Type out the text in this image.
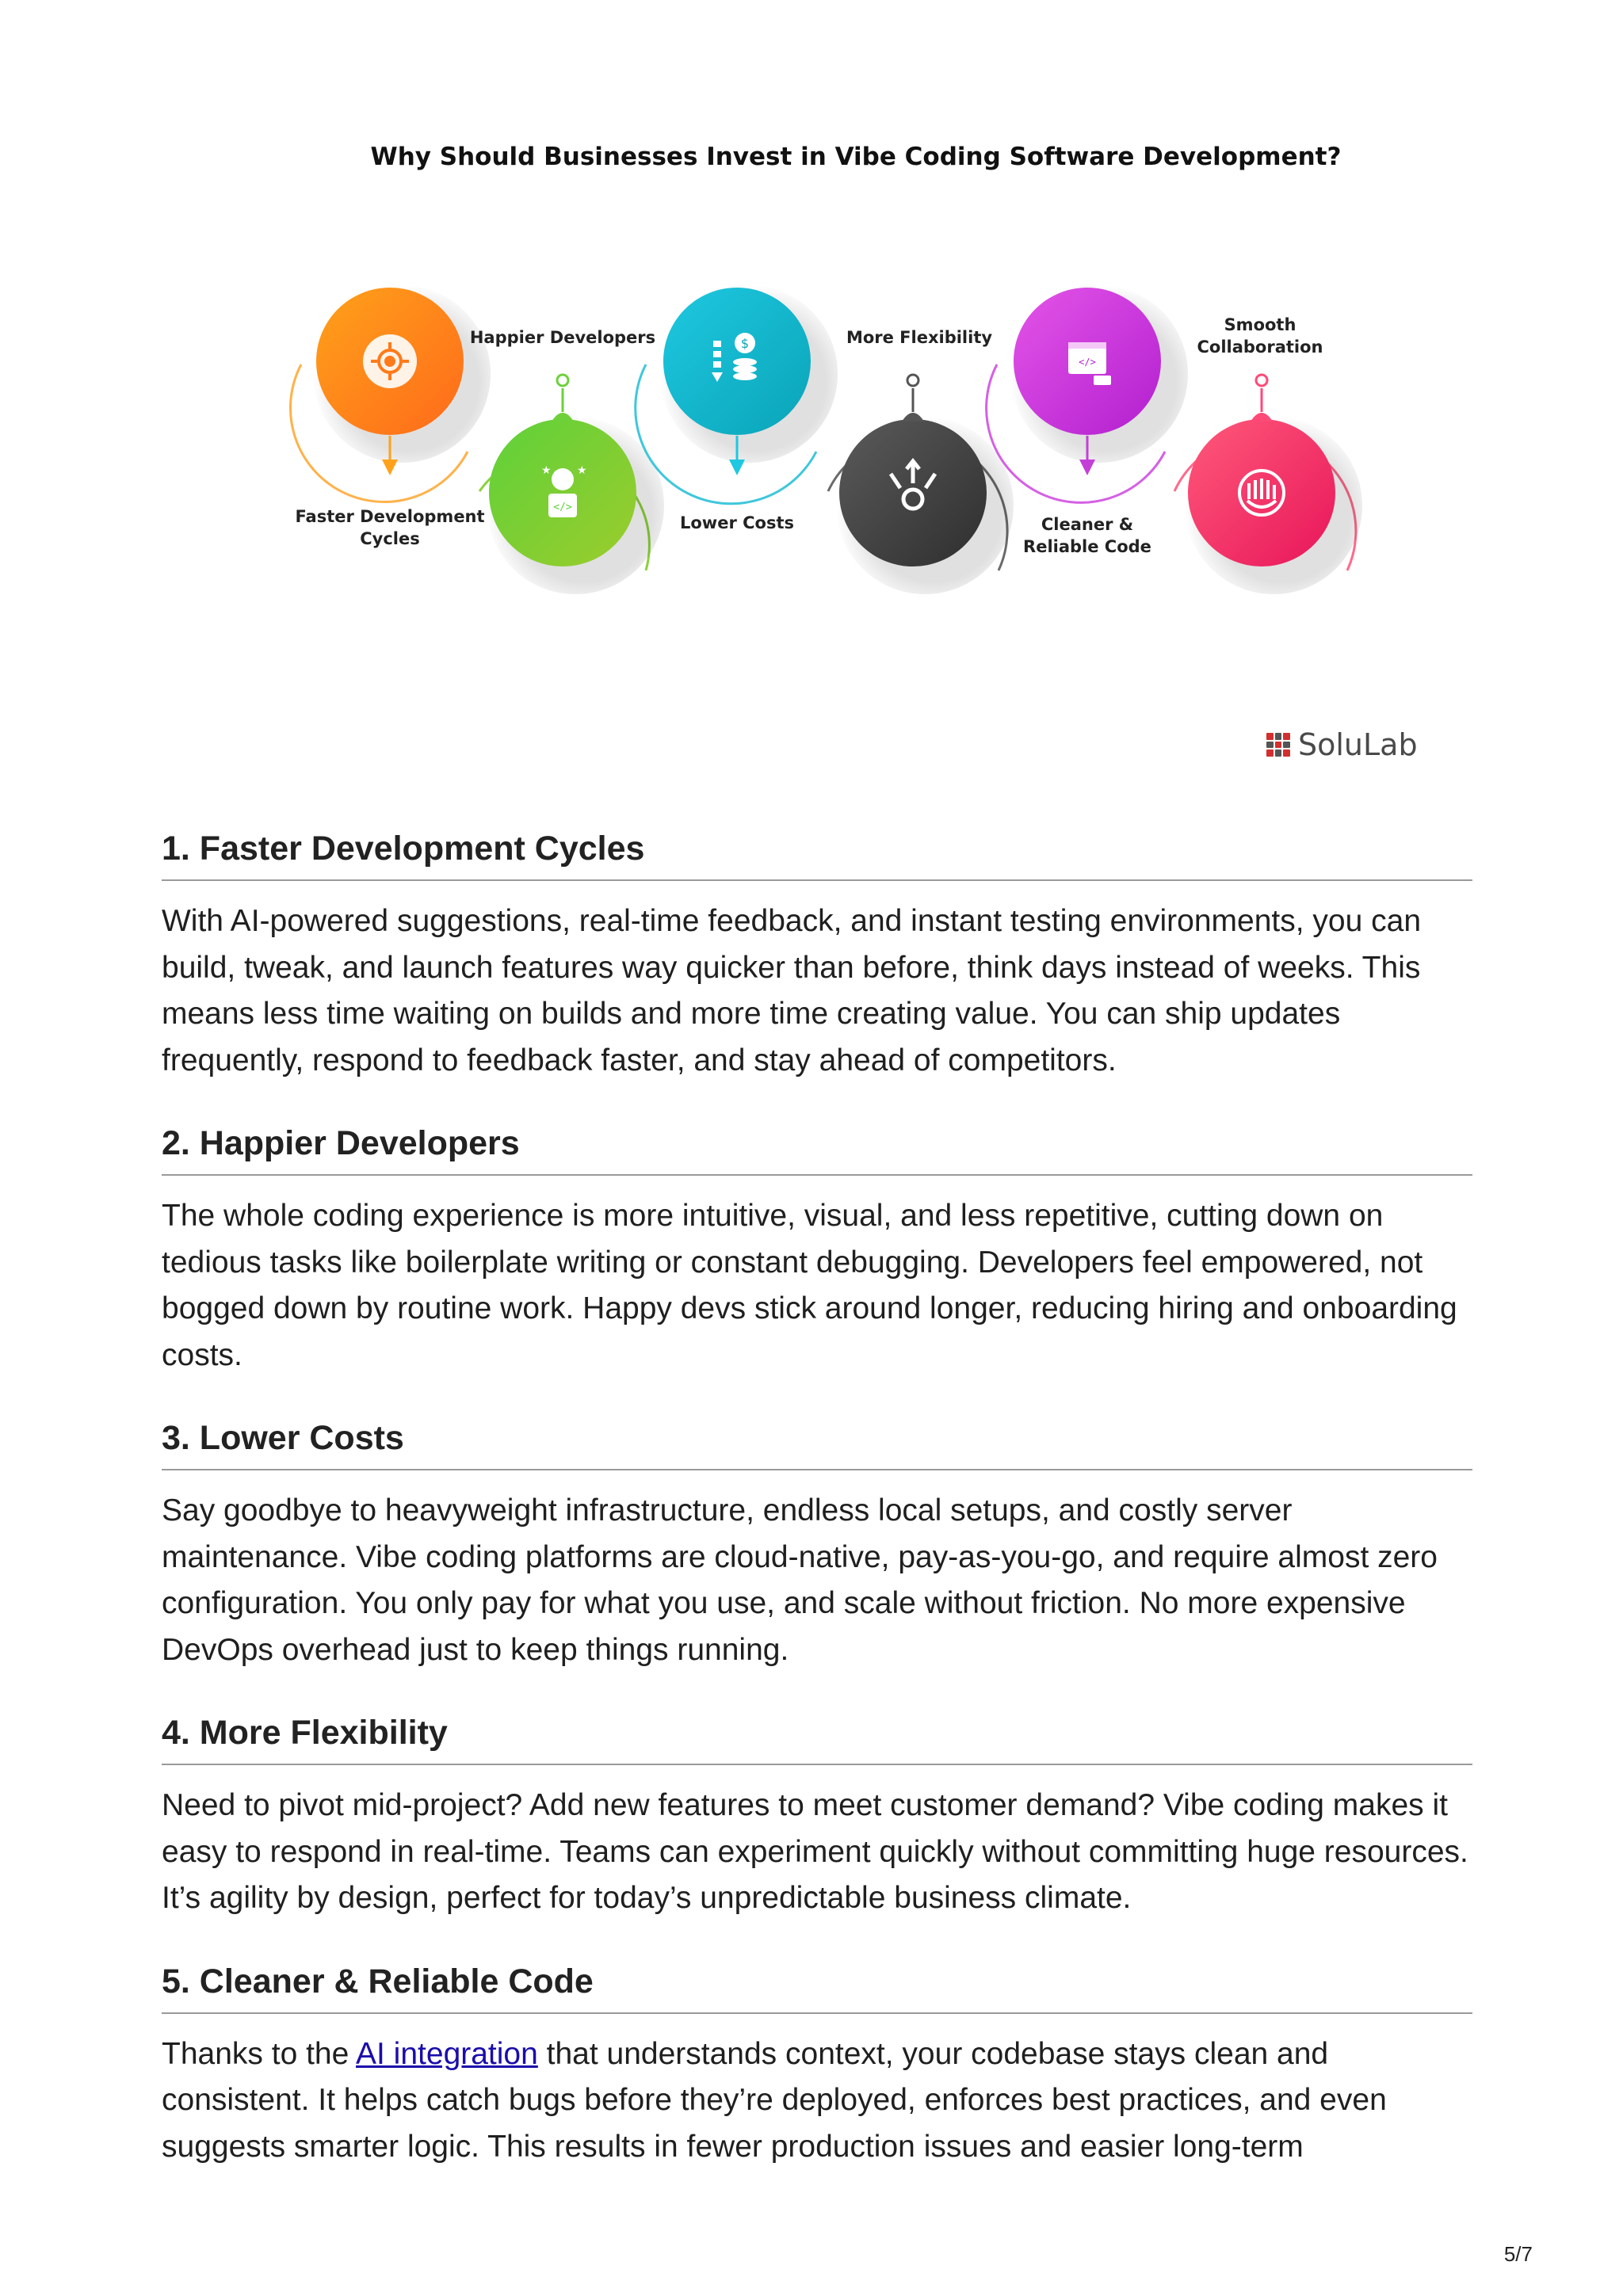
Why Should Businesses Invest in Vibe Coding Software Development?
</>
★ ★
$
</>
Faster Development
Cycles
Happier Developers
Lower Costs
More Flexibility
Cleaner &
Reliable Code
Smooth
Collaboration
SoluLab
1. Faster Development Cycles

With AI-powered suggestions, real-time feedback, and instant testing environments, you can build, tweak, and launch features way quicker than before, think days instead of weeks. This means less time waiting on builds and more time creating value. You can ship updates frequently, respond to feedback faster, and stay ahead of competitors.

2. Happier Developers

The whole coding experience is more intuitive, visual, and less repetitive, cutting down on tedious tasks like boilerplate writing or constant debugging. Developers feel empowered, not bogged down by routine work. Happy devs stick around longer, reducing hiring and onboarding costs.

3. Lower Costs

Say goodbye to heavyweight infrastructure, endless local setups, and costly server maintenance. Vibe coding platforms are cloud-native, pay-as-you-go, and require almost zero configuration. You only pay for what you use, and scale without friction. No more expensive DevOps overhead just to keep things running.

4. More Flexibility

Need to pivot mid-project? Add new features to meet customer demand? Vibe coding makes it easy to respond in real-time. Teams can experiment quickly without committing huge resources. It’s agility by design, perfect for today’s unpredictable business climate.

5. Cleaner & Reliable Code

Thanks to the AI integration that understands context, your codebase stays clean and consistent. It helps catch bugs before they’re deployed, enforces best practices, and even suggests smarter logic. This results in fewer production issues and easier long-term

5/7
